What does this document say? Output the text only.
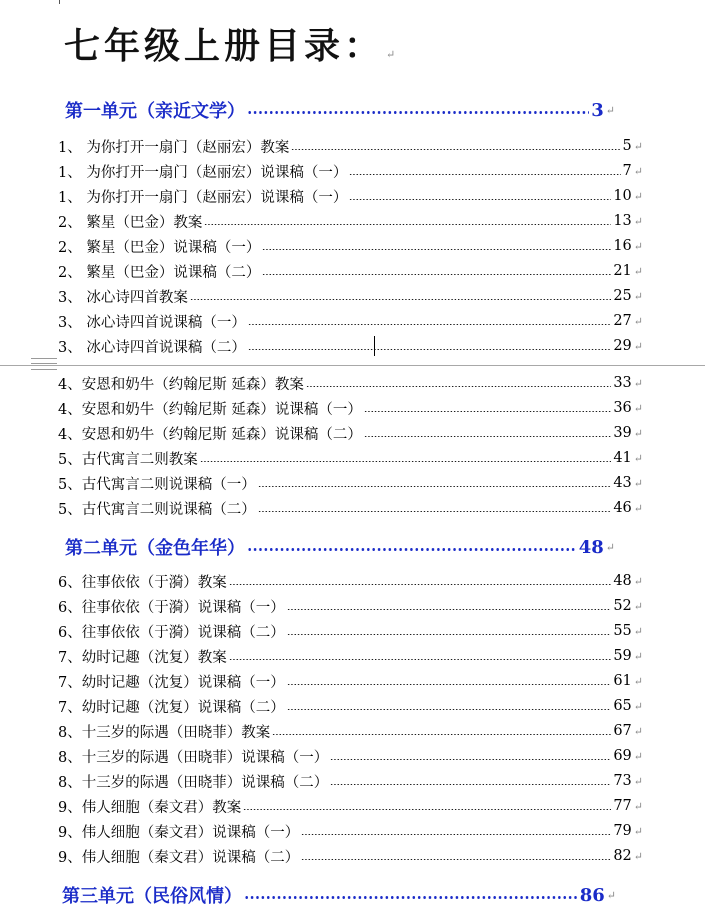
七年级上册目录： ↵
第一单元（亲近文学）	3 ↵
1、 为你打开一扇门（赵丽宏）教案	5 ↵
1、 为你打开一扇门（赵丽宏）说课稿（一）	7 ↵
1、 为你打开一扇门（赵丽宏）说课稿（一）	10 ↵
2、 繁星（巴金）教案	13 ↵
2、 繁星（巴金）说课稿（一）	16 ↵
2、 繁星（巴金）说课稿（二）	21 ↵
3、 冰心诗四首教案	25 ↵
3、 冰心诗四首说课稿（一）	27 ↵
3、 冰心诗四首说课稿（二）	29 ↵
4、安恩和奶牛（约翰尼斯 延森）教案	33 ↵
4、安恩和奶牛（约翰尼斯 延森）说课稿（一）	36 ↵
4、安恩和奶牛（约翰尼斯 延森）说课稿（二）	39 ↵
5、古代寓言二则教案	41 ↵
5、古代寓言二则说课稿（一）	43 ↵
5、古代寓言二则说课稿（二）	46 ↵
第二单元（金色年华）	48 ↵
6、往事依依（于漪）教案	48 ↵
6、往事依依（于漪）说课稿（一）	52 ↵
6、往事依依（于漪）说课稿（二）	55 ↵
7、幼时记趣（沈复）教案	59 ↵
7、幼时记趣（沈复）说课稿（一）	61 ↵
7、幼时记趣（沈复）说课稿（二）	65 ↵
8、十三岁的际遇（田晓菲）教案	67 ↵
8、十三岁的际遇（田晓菲）说课稿（一）	69 ↵
8、十三岁的际遇（田晓菲）说课稿（二）	73 ↵
9、伟人细胞（秦文君）教案	77 ↵
9、伟人细胞（秦文君）说课稿（一）	79 ↵
9、伟人细胞（秦文君）说课稿（二）	82 ↵
第三单元（民俗风情）	86 ↵
